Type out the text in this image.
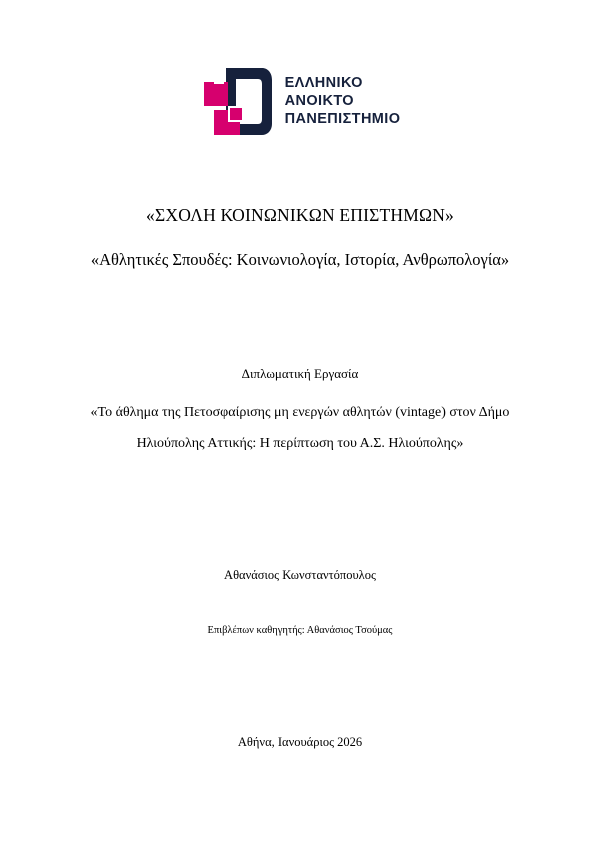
ΕΛΛΗΝΙΚΟ
ΑΝΟΙΚΤΟ
ΠΑΝΕΠΙΣΤΗΜΙΟ
«ΣΧΟΛΗ ΚΟΙΝΩΝΙΚΩΝ ΕΠΙΣΤΗΜΩΝ»
«Αθλητικές Σπουδές: Κοινωνιολογία, Ιστορία, Ανθρωπολογία»
Διπλωματική Εργασία
«Το άθλημα της Πετοσφαίρισης μη ενεργών αθλητών (vintage) στον Δήμο
Ηλιούπολης Αττικής: Η περίπτωση του Α.Σ. Ηλιούπολης»
Αθανάσιος Κωνσταντόπουλος
Επιβλέπων καθηγητής: Αθανάσιος Τσούμας
Αθήνα, Ιανουάριος 2026
